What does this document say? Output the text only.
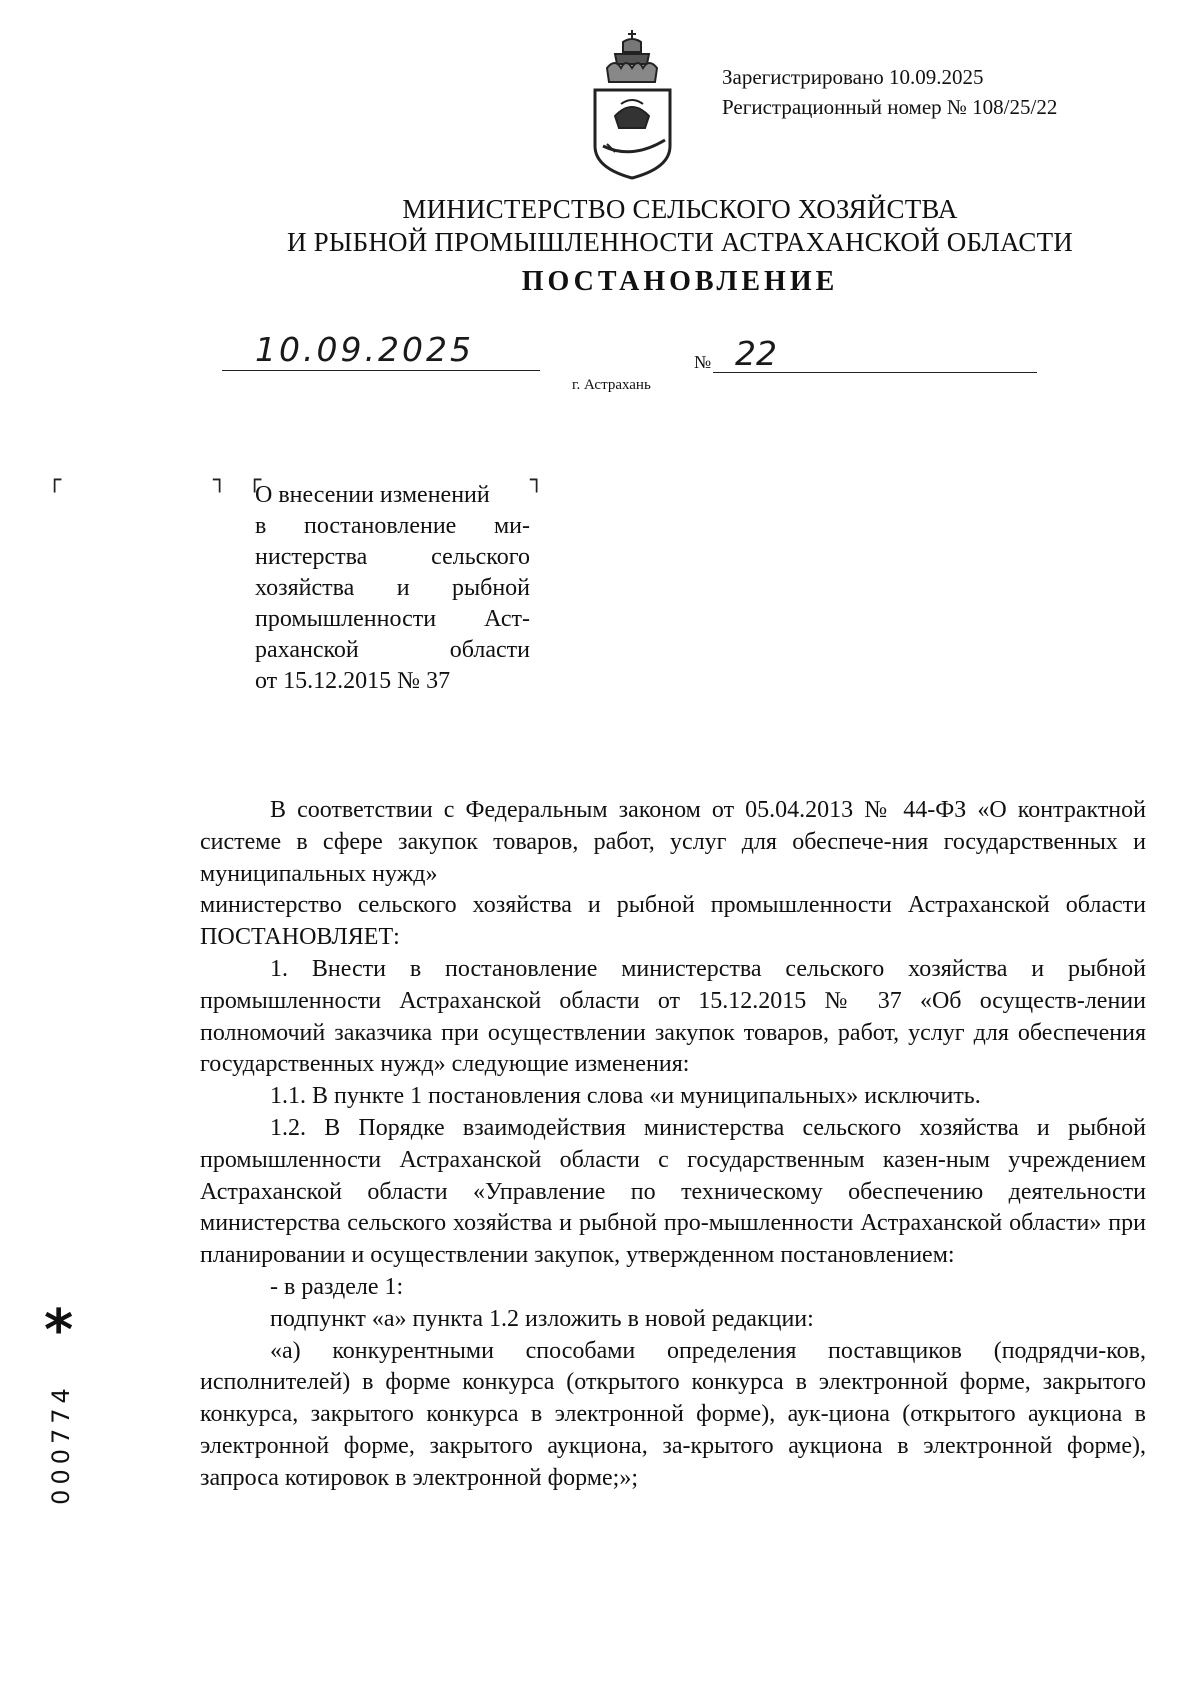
Зарегистрировано 10.09.2025
Регистрационный номер № 108/25/22
МИНИСТЕРСТВО СЕЛЬСКОГО ХОЗЯЙСТВА
И РЫБНОЙ ПРОМЫШЛЕННОСТИ АСТРАХАНСКОЙ ОБЛАСТИ
ПОСТАНОВЛЕНИЕ
10.09.2025	№ 22
г. Астрахань
┌	┐ ┌	┐
О внесении изменений
в постановление ми-
нистерства сельского
хозяйства и рыбной
промышленности Аст-
раханской области
от 15.12.2015 № 37

В соответствии с Федеральным законом от 05.04.2013 № 44-ФЗ «О контрактной системе в сфере закупок товаров, работ, услуг для обеспече-ния государственных и муниципальных нужд»

министерство сельского хозяйства и рыбной промышленности Астраханской области ПОСТАНОВЛЯЕТ:

1. Внести в постановление министерства сельского хозяйства и рыбной промышленности Астраханской области от 15.12.2015 № 37 «Об осуществ-лении полномочий заказчика при осуществлении закупок товаров, работ, услуг для обеспечения государственных нужд» следующие изменения:

1.1. В пункте 1 постановления слова «и муниципальных» исключить.

1.2. В Порядке взаимодействия министерства сельского хозяйства и рыбной промышленности Астраханской области с государственным казен-ным учреждением Астраханской области «Управление по техническому обеспечению деятельности министерства сельского хозяйства и рыбной про-мышленности Астраханской области» при планировании и осуществлении закупок, утвержденном постановлением:

- в разделе 1:

подпункт «а» пункта 1.2 изложить в новой редакции:

«а) конкурентными способами определения поставщиков (подрядчи-ков, исполнителей) в форме конкурса (открытого конкурса в электронной форме, закрытого конкурса, закрытого конкурса в электронной форме), аук-циона (открытого аукциона в электронной форме, закрытого аукциона, за-крытого аукциона в электронной форме), запроса котировок в электронной форме;»;

*
000774
